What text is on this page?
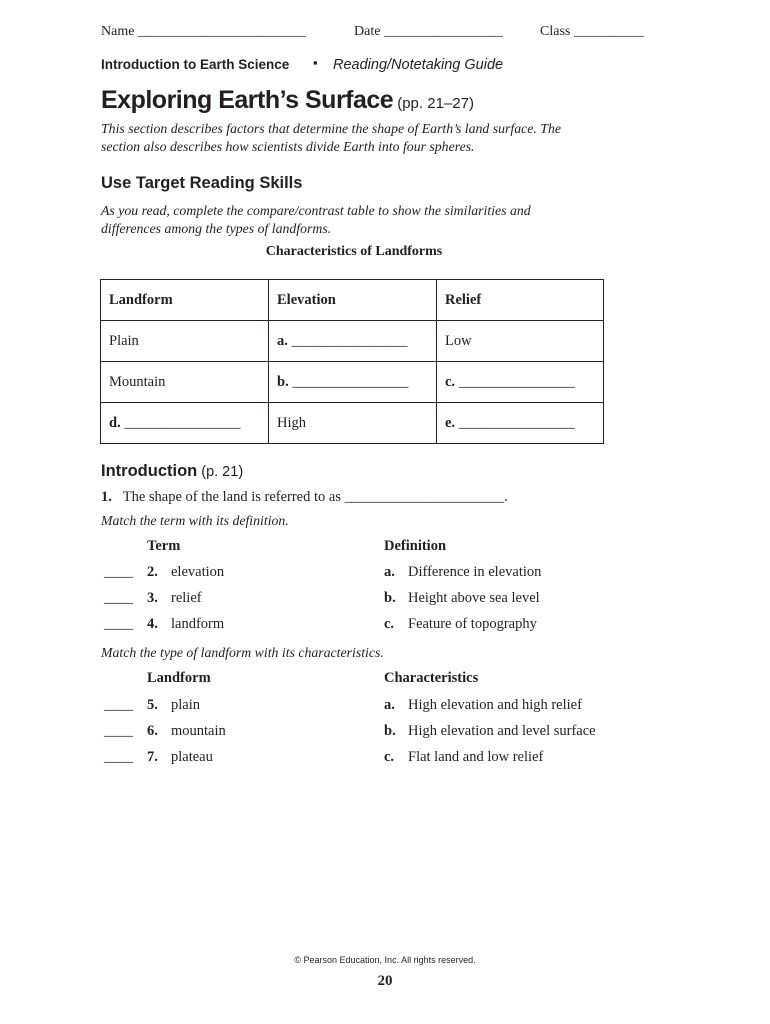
Name ________________________	Date _________________	Class __________
Introduction to Earth Science ▪ Reading/Notetaking Guide
Exploring Earth’s Surface (pp. 21–27)
This section describes factors that determine the shape of Earth’s land surface. The
section also describes how scientists divide Earth into four spheres.
Use Target Reading Skills
As you read, complete the compare/contrast table to show the similarities and
differences among the types of landforms.
Characteristics of Landforms
Landform	Elevation	Relief
Plain	a. ________________	Low
Mountain	b. ________________	c. ________________
d. ________________	High	e. ________________
Introduction (p. 21)
1. The shape of the land is referred to as ______________________.
Match the term with its definition.
Term	Definition
____ 2. elevation	a. Difference in elevation
____ 3. relief	b. Height above sea level
____ 4. landform	c. Feature of topography
Match the type of landform with its characteristics.
Landform	Characteristics
____ 5. plain	a. High elevation and high relief
____ 6. mountain	b. High elevation and level surface
____ 7. plateau	c. Flat land and low relief
© Pearson Education, Inc. All rights reserved.
20
